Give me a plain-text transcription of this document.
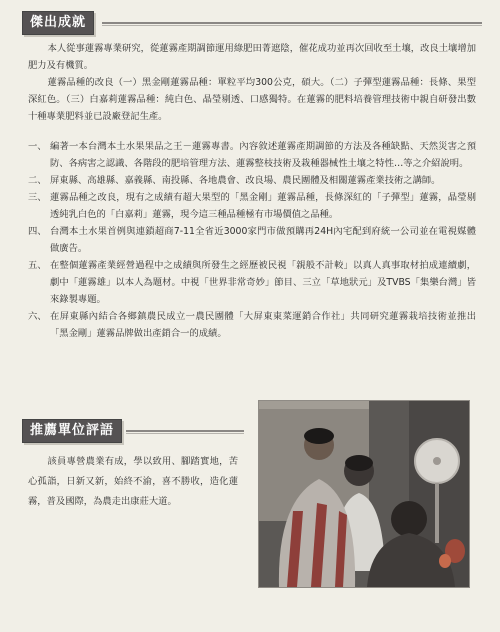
傑出成就

本人從事蓮霧專業研究，從蓮霧產期調節運用綠肥田菁遮陰，催花成功並再次回收至土壤，改良土壤增加肥力及有機質。

蓮霧品種的改良（一）黑金剛蓮霧品種：單粒平均300公克，碩大。（二）子彈型蓮霧品種：長條、果型深紅色。（三）白嘉莉蓮霧品種：純白色、晶瑩剔透、口感獨特。在蓮霧的肥料培養管理技術中親自研發出數十種專業肥料並已設廠登記生產。

一、 編著一本台灣本土水果果品之王－蓮霧專書。內容敘述蓮霧產期調節的方法及各種缺點、天然災害之預防、各病害之認識、各階段的肥培管理方法、蓮霧整枝技術及栽種器械性土壤之特性…等之介紹說明。
二、 屏東縣、高雄縣、嘉義縣、南投縣、各地農會、改良場、農民團體及相關蓮霧產業技術之講師。
三、 蓮霧品種之改良，現有之成績有超大果型的「黑金剛」蓮霧品種，長條深紅的「子彈型」蓮霧，晶瑩剔透純乳白色的「白嘉莉」蓮霧，現今這三種品種極有市場價值之品種。
四、 台灣本土水果首例與連鎖超商7-11全省近3000家門市做預購再24H內宅配到府統一公司並在電視媒體做廣告。
五、 在整個蓮霧產業經營過程中之成績與所發生之經歷被民視「親般不計較」以真人真事取材拍成連續劇，劇中「蓮霧雄」以本人為題材。中視「世界非常奇妙」節目、三立「草地狀元」及TVBS「集樂台灣」皆來錄製專題。
六、 在屏東縣內結合各鄉鎮農民成立一農民團體「大屏東東菜運銷合作社」共同研究蓮霧栽培技術並推出「黑金剛」蓮霧品牌做出產銷合一的成績。
推薦單位評語

該員專營農業有成，學以致用、腳踏實地，苦心孤詣，日新又新，始終不渝，喜不勝收，造化蓮霧，普及國際，為農走出康莊大道。
